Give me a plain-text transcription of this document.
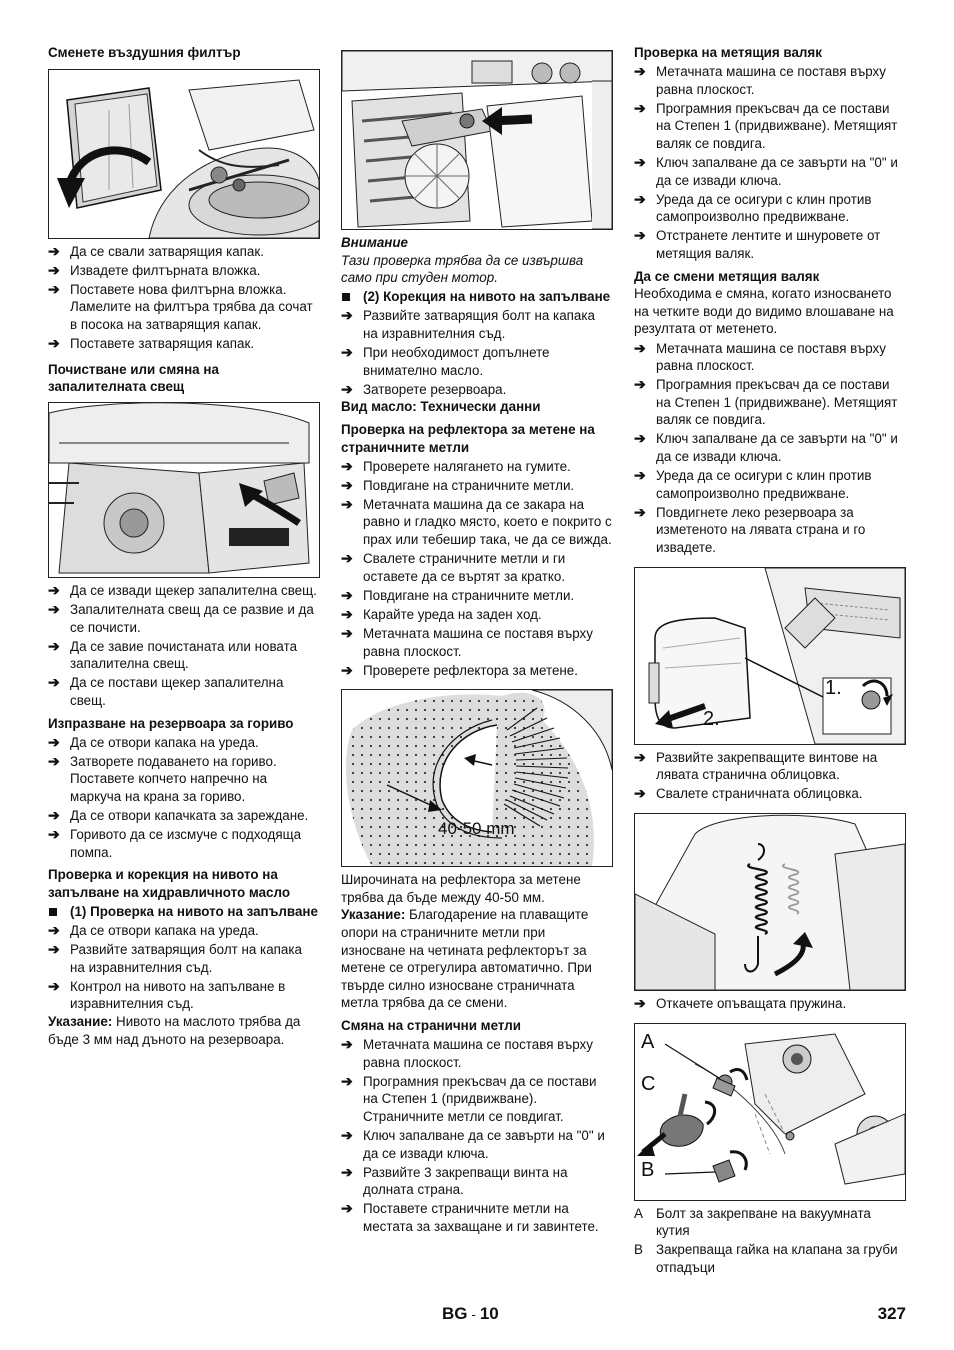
Сменете въздушния филтър
➔ Да се свали затварящия капак.
➔ Извадете филтърната вложка.
➔ Поставете нова филтърна вложка. Ламелите на филтъра трябва да сочат в посока на затварящия капак.
➔ Поставете затварящия капак.
Почистване или смяна на запалителната свещ
➔ Да се извади щекер запалителна свещ.
➔ Запалителната свещ да се развие и да се почисти.
➔ Да се завие почистаната или новата запалителна свещ.
➔ Да се постави щекер запалителна свещ.
Изпразване на резервоара за гориво
➔ Да се отвори капака на уреда.
➔ Затворете подаването на гориво. Поставете копчето напречно на маркуча на крана за гориво.
➔ Да се отвори капачката за зареждане.
➔ Горивото да се изсмуче с подходяща помпа.
Проверка и корекция на нивото на запълване на хидравличното масло
(1) Проверка на нивото на запълване
➔ Да се отвори капака на уреда.
➔ Развийте затварящия болт на капака на изравнителния съд.
➔ Контрол на нивото на запълване в изравнителния съд.
Указание: Нивото на маслото трябва да бъде 3 мм над дъното на резервоара.
Внимание
Тази проверка трябва да се извършва само при студен мотор.
(2) Корекция на нивото на запълване
➔ Развийте затварящия болт на капака на изравнителния съд.
➔ При необходимост допълнете внимателно масло.
➔ Затворете резервоара.
Вид масло: Технически данни
Проверка на рефлектора за метене на страничните метли
➔ Проверете налягането на гумите.
➔ Повдигане на страничните метли.
➔ Метачната машина да се закара на равно и гладко място, което е покрито с прах или тебешир така, че да се вижда.
➔ Свалете страничните метли и ги оставете да се въртят за кратко.
➔ Повдигане на страничните метли.
➔ Карайте уреда на заден ход.
➔ Метачната машина се поставя върху равна плоскост.
➔ Проверете рефлектора за метене.
40-50 mm
Широчината на рефлектора за метене трябва да бъде между 40-50 мм.
Указание: Благодарение на плаващите опори на страничните метли при износване на четината рефлекторът за метене се отрегулира автоматично. При твърде силно износване страничната метла трябва да се смени.
Смяна на странични метли
➔ Метачната машина се поставя върху равна плоскост.
➔ Програмния прекъсвач да се постави на Степен 1 (придвижване). Страничните метли се повдигат.
➔ Ключ запалване да се завърти на "0" и да се извади ключа.
➔ Развийте 3 закрепващи винта на долната страна.
➔ Поставете страничните метли на местата за захващане и ги завинтете.
Проверка на метящия валяк
➔ Метачната машина се поставя върху равна плоскост.
➔ Програмния прекъсвач да се постави на Степен 1 (придвижване). Метящият валяк се повдига.
➔ Ключ запалване да се завърти на "0" и да се извади ключа.
➔ Уреда да се осигури с клин против самопроизволно предвижване.
➔ Отстранете лентите и шнуровете от метящия валяк.
Да се смени метящия валяк
Необходима е смяна, когато износването на четките води до видимо влошаване на резултата от метенето.
➔ Метачната машина се поставя върху равна плоскост.
➔ Програмния прекъсвач да се постави на Степен 1 (придвижване). Метящият валяк се повдига.
➔ Ключ запалване да се завърти на "0" и да се извади ключа.
➔ Уреда да се осигури с клин против самопроизволно предвижване.
➔ Повдигнете леко резервоара за изметеното на лявата страна и го извадете.
1.
2.
➔ Развийте закрепващите винтове на лявата странична облицовка.
➔ Свалете страничната облицовка.
➔ Откачете опъващата пружина.
A
C
B
A Болт за закрепване на вакуумната кутия
B Закрепваща гайка на клапана за груби отпадъци
BG - 10	327
